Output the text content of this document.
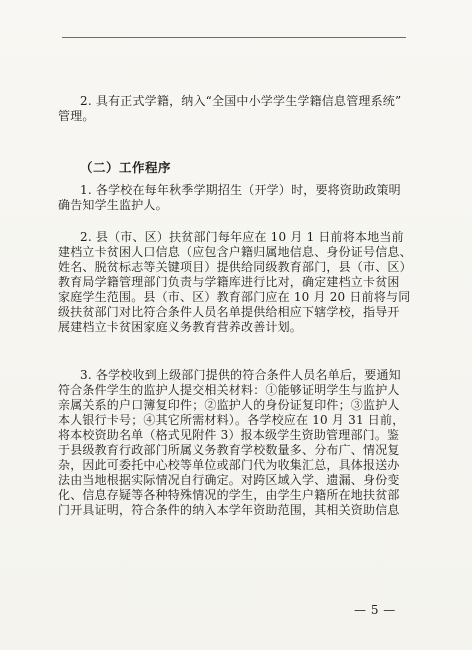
2. 具有正式学籍，纳入“全国中小学学生学籍信息管理系统”
管理。
（二）工作程序
1. 各学校在每年秋季学期招生（开学）时，要将资助政策明
确告知学生监护人。
2. 县（市、区）扶贫部门每年应在 10 月 1 日前将本地当前
建档立卡贫困人口信息（应包含户籍归属地信息、身份证号信息、
姓名、脱贫标志等关键项目）提供给同级教育部门，县（市、区）
教育局学籍管理部门负责与学籍库进行比对，确定建档立卡贫困
家庭学生范围。县（市、区）教育部门应在 10 月 20 日前将与同
级扶贫部门对比符合条件人员名单提供给相应下辖学校，指导开
展建档立卡贫困家庭义务教育营养改善计划。
3. 各学校收到上级部门提供的符合条件人员名单后，要通知
符合条件学生的监护人提交相关材料：①能够证明学生与监护人
亲属关系的户口簿复印件；②监护人的身份证复印件；③监护人
本人银行卡号；④其它所需材料）。各学校应在 10 月 31 日前，
将本校资助名单（格式见附件 3）报本级学生资助管理部门。鉴
于县级教育行政部门所属义务教育学校数量多、分布广、情况复
杂，因此可委托中心校等单位或部门代为收集汇总，具体报送办
法由当地根据实际情况自行确定。对跨区域入学、遗漏、身份变
化、信息存疑等各种特殊情况的学生，由学生户籍所在地扶贫部
门开具证明，符合条件的纳入本学年资助范围，其相关资助信息
— 5 —
